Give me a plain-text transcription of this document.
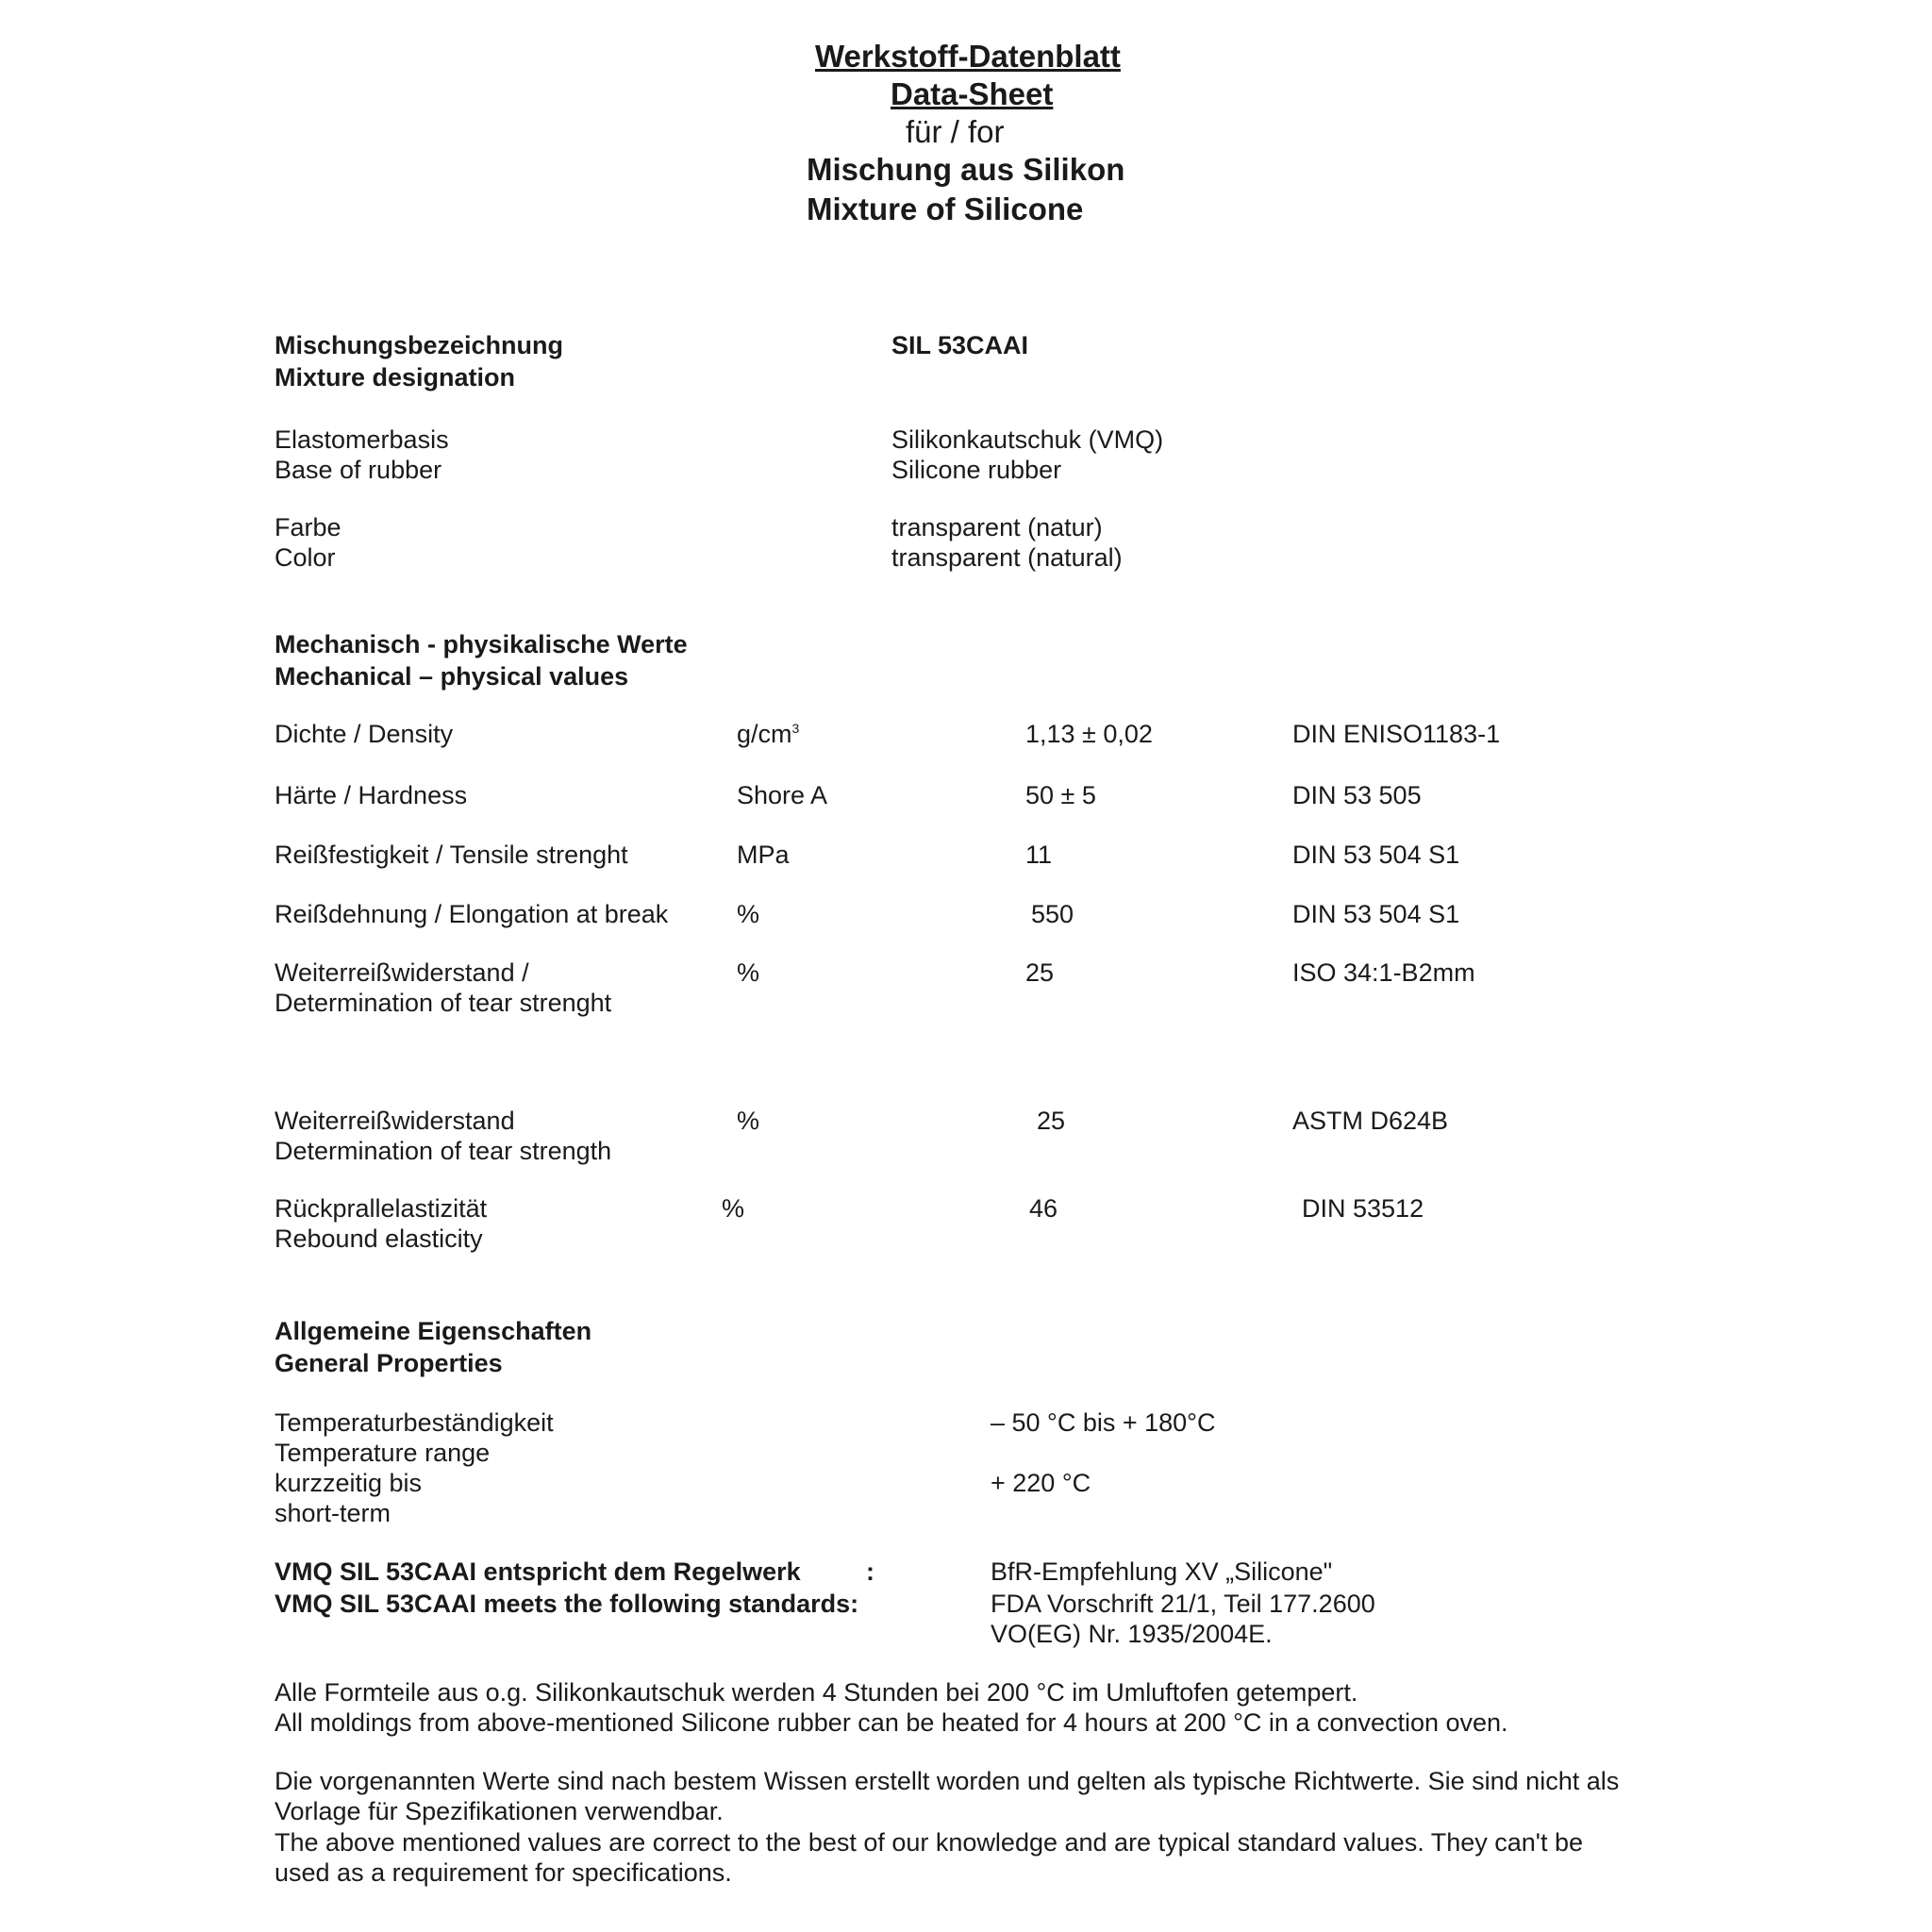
Werkstoff-Datenblatt
Data-Sheet
für / for
Mischung aus Silikon
Mixture of Silicone
Mischungsbezeichnung
Mixture designation
SIL 53CAAI
Elastomerbasis
Base of rubber
Silikonkautschuk (VMQ)
Silicone rubber
Farbe
Color
transparent (natur)
transparent (natural)
Mechanisch - physikalische Werte
Mechanical – physical values
Dichte / Density	$g/cm^3$	1,13 ± 0,02	DIN ENISO1183-1
Härte / Hardness	Shore A	50 ± 5	DIN 53 505
Reißfestigkeit / Tensile strenght	MPa	11	DIN 53 504 S1
Reißdehnung / Elongation at break	%	550	DIN 53 504 S1
Weiterreißwiderstand /
Determination of tear strenght
%	25	ISO 34:1-B2mm
Weiterreißwiderstand
Determination of tear strength
%	25	ASTM D624B
Rückprallelastizität
Rebound elasticity
%	46	DIN 53512
Allgemeine Eigenschaften
General Properties
Temperaturbeständigkeit
Temperature range
– 50 °C bis + 180°C
kurzzeitig bis
short-term
+ 220 °C
VMQ SIL 53CAAI entspricht dem Regelwerk	:
VMQ SIL 53CAAI meets the following standards:
BfR-Empfehlung XV „Silicone"
FDA Vorschrift 21/1, Teil 177.2600
VO(EG) Nr. 1935/2004E.
Alle Formteile aus o.g. Silikonkautschuk werden 4 Stunden bei 200 °C im Umluftofen getempert.
All moldings from above-mentioned Silicone rubber can be heated for 4 hours at 200 °C in a convection oven.
Die vorgenannten Werte sind nach bestem Wissen erstellt worden und gelten als typische Richtwerte. Sie sind nicht als
Vorlage für Spezifikationen verwendbar.
The above mentioned values are correct to the best of our knowledge and are typical standard values. They can't be
used as a requirement for specifications.
